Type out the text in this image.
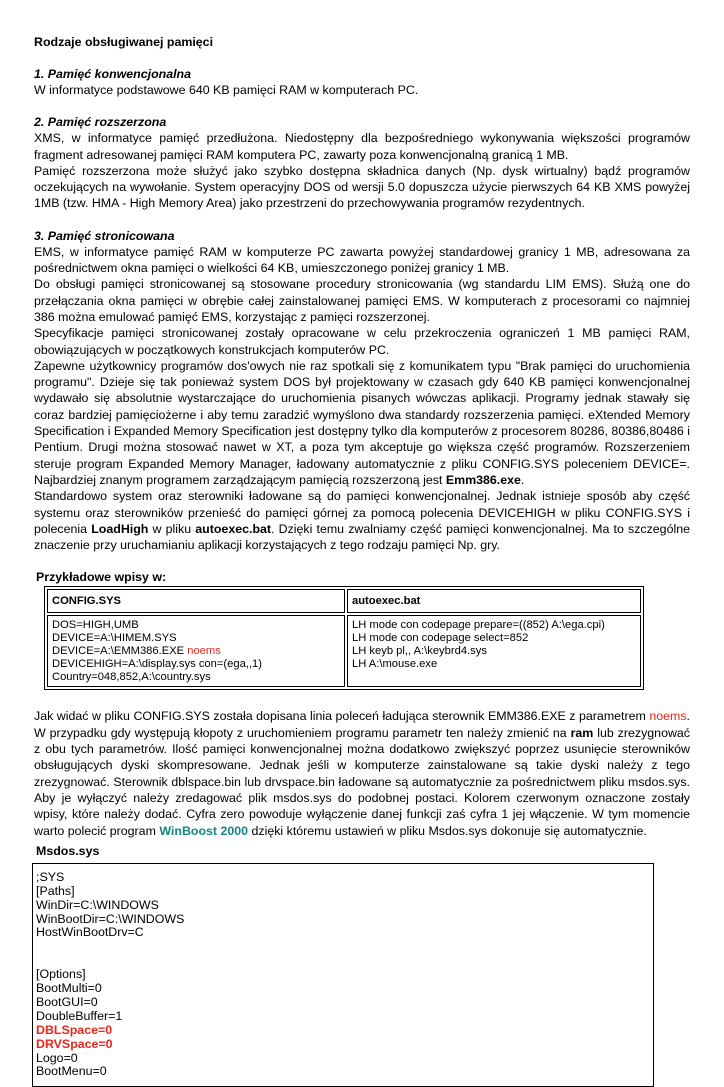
Rodzaje obsługiwanej pamięci

1. Pamięć konwencjonalna

W informatyce podstawowe 640 KB pamięci RAM w komputerach PC.

2. Pamięć rozszerzona

XMS, w informatyce pamięć przedłużona. Niedostępny dla bezpośredniego wykonywania większości programów fragment adresowanej pamięci RAM komputera PC, zawarty poza konwencjonalną granicą 1 MB.

Pamięć rozszerzona może służyć jako szybko dostępna składnica danych (Np. dysk wirtualny) bądź programów oczekujących na wywołanie. System operacyjny DOS od wersji 5.0 dopuszcza użycie pierwszych 64 KB XMS powyżej 1MB (tzw. HMA - High Memory Area) jako przestrzeni do przechowywania programów rezydentnych.

3. Pamięć stronicowana

EMS, w informatyce pamięć RAM w komputerze PC zawarta powyżej standardowej granicy 1 MB, adresowana za pośrednictwem okna pamięci o wielkości 64 KB, umieszczonego poniżej granicy 1 MB.

Do obsługi pamięci stronicowanej są stosowane procedury stronicowania (wg standardu LIM EMS). Służą one do przełączania okna pamięci w obrębie całej zainstalowanej pamięci EMS. W komputerach z procesorami co najmniej 386 można emulować pamięć EMS, korzystając z pamięci rozszerzonej.

Specyfikacje pamięci stronicowanej zostały opracowane w celu przekroczenia ograniczeń 1 MB pamięci RAM, obowiązujących w początkowych konstrukcjach komputerów PC.

Zapewne użytkownicy programów dos'owych nie raz spotkali się z komunikatem typu "Brak pamięci do uruchomienia programu". Dzieje się tak ponieważ system DOS był projektowany w czasach gdy 640 KB pamięci konwencjonalnej wydawało się absolutnie wystarczające do uruchomienia pisanych wówczas aplikacji. Programy jednak stawały się coraz bardziej pamięciożerne i aby temu zaradzić wymyślono dwa standardy rozszerzenia pamięci. eXtended Memory Specification i Expanded Memory Specification jest dostępny tylko dla komputerów z procesorem 80286, 80386,80486 i Pentium. Drugi można stosować nawet w XT, a poza tym akceptuje go większa część programów. Rozszerzeniem steruje program Expanded Memory Manager, ładowany automatycznie z pliku CONFIG.SYS poleceniem DEVICE=. Najbardziej znanym programem zarządzającym pamięcią rozszerzoną jest Emm386.exe.

Standardowo system oraz sterowniki ładowane są do pamięci konwencjonalnej. Jednak istnieje sposób aby część systemu oraz sterowników przenieść do pamięci górnej za pomocą polecenia DEVICEHIGH w pliku CONFIG.SYS i polecenia LoadHigh w pliku autoexec.bat. Dzięki temu zwalniamy część pamięci konwencjonalnej. Ma to szczególne znaczenie przy uruchamianiu aplikacji korzystających z tego rodzaju pamięci Np. gry.

Przykładowe wpisy w:

CONFIG.SYS	autoexec.bat
DOS=HIGH,UMB
DEVICE=A:\HIMEM.SYS
DEVICE=A:\EMM386.EXE noems
DEVICEHIGH=A:\display.sys con=(ega,,1)
Country=048,852,A:\country.sys
LH mode con codepage prepare=((852) A:\ega.cpi)
LH mode con codepage select=852
LH keyb pl,, A:\keybrd4.sys
LH A:\mouse.exe

Jak widać w pliku CONFIG.SYS została dopisana linia poleceń ładująca sterownik EMM386.EXE z parametrem noems. W przypadku gdy występują kłopoty z uruchomieniem programu parametr ten należy zmienić na ram lub zrezygnować z obu tych parametrów. Ilość pamięci konwencjonalnej można dodatkowo zwiększyć poprzez usunięcie sterowników obsługujących dyski skompresowane. Jednak jeśli w komputerze zainstalowane są takie dyski należy z tego zrezygnować. Sterownik dblspace.bin lub drvspace.bin ładowane są automatycznie za pośrednictwem pliku msdos.sys. Aby je wyłączyć należy zredagować plik msdos.sys do podobnej postaci. Kolorem czerwonym oznaczone zostały wpisy, które należy dodać. Cyfra zero powoduje wyłączenie danej funkcji zaś cyfra 1 jej włączenie. W tym momencie warto polecić program WinBoost 2000 dzięki któremu ustawień w pliku Msdos.sys dokonuje się automatycznie.

Msdos.sys

;SYS
[Paths]
WinDir=C:\WINDOWS
WinBootDir=C:\WINDOWS
HostWinBootDrv=C
[Options]
BootMulti=0
BootGUI=0
DoubleBuffer=1
DBLSpace=0
DRVSpace=0
Logo=0
BootMenu=0
